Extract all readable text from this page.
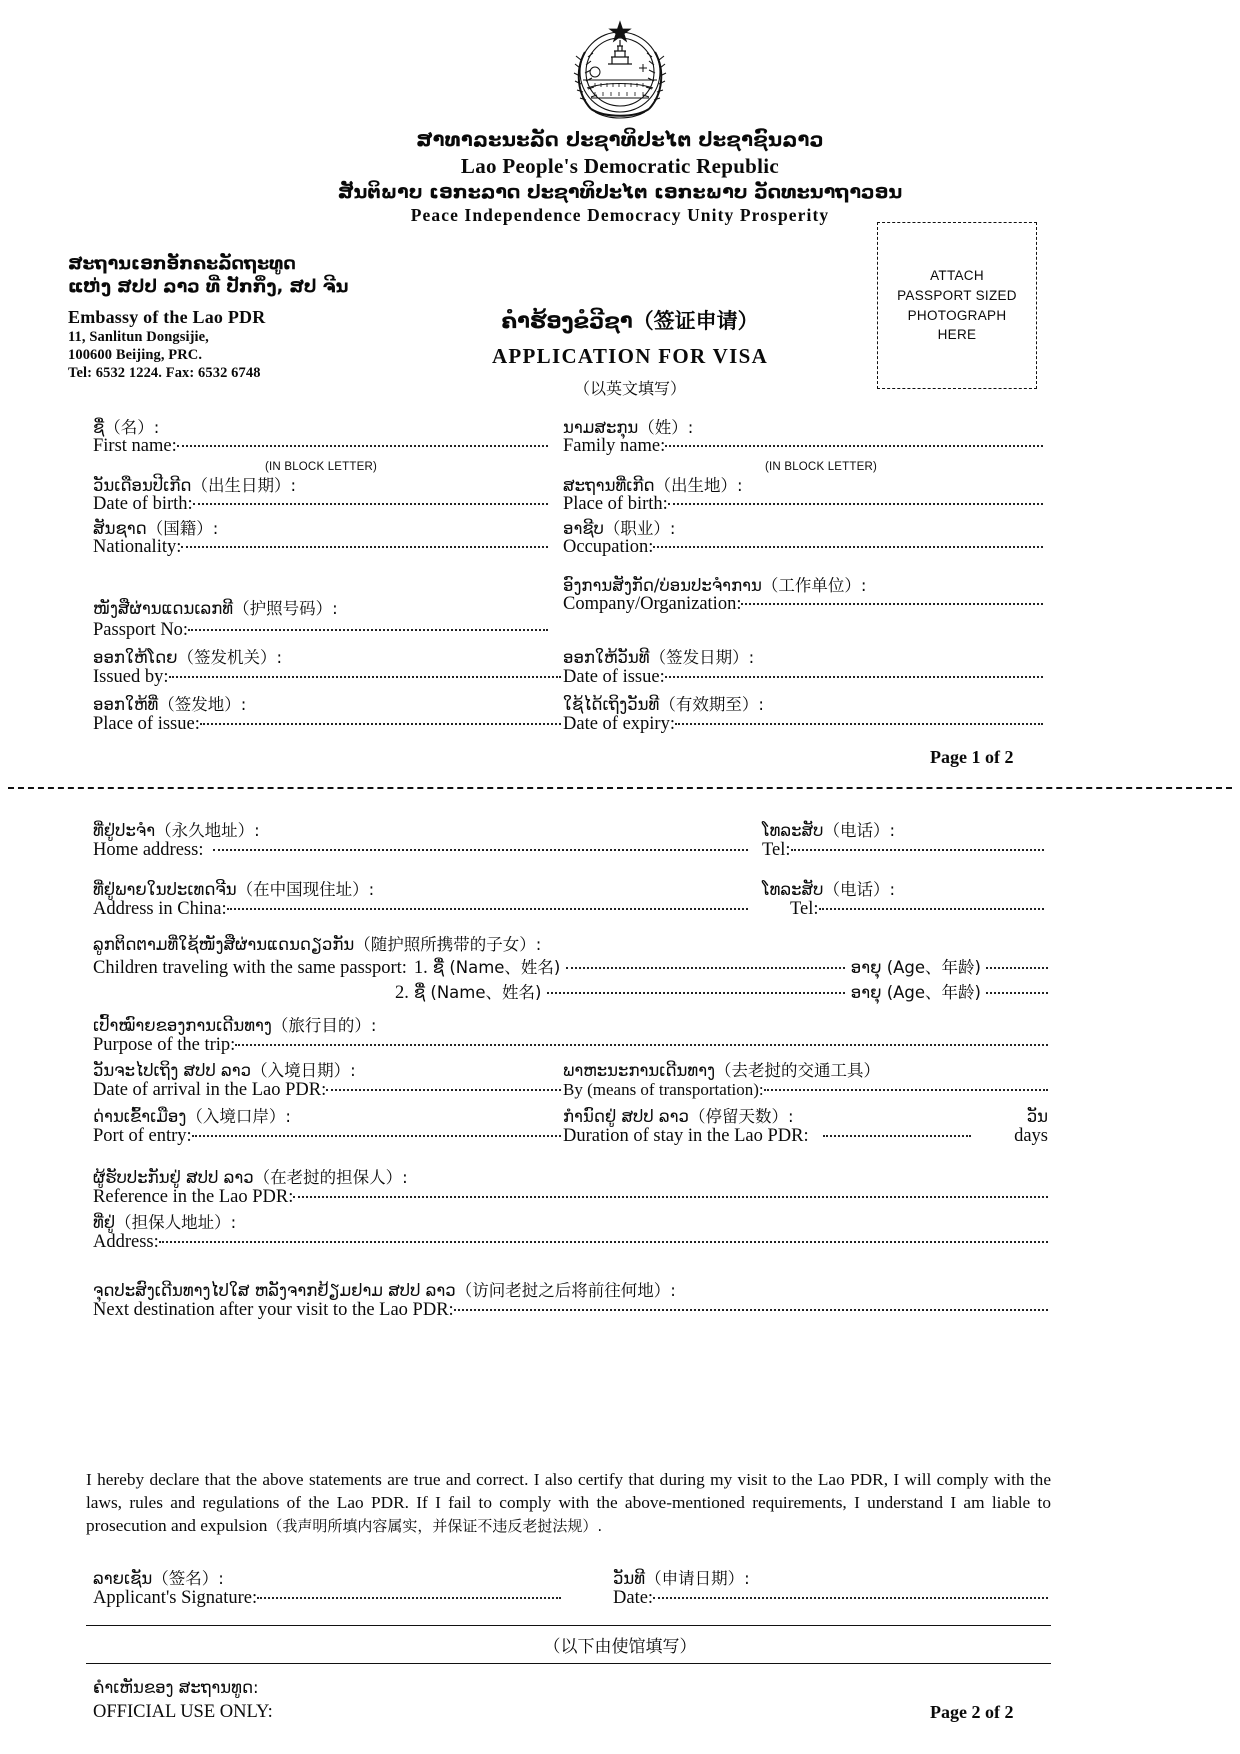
ສາທາລະນະລັດ ປະຊາທິປະໄຕ ປະຊາຊົນລາວ
Lao People's Democratic Republic
ສັນຕິພາບ ເອກະລາດ ປະຊາທິປະໄຕ ເອກະພາບ ວັດທະນາຖາວອນ
Peace Independence Democracy Unity Prosperity
ສະຖານເອກອັກຄະລັດຖະທູດ
ແຫ່ງ ສປປ ລາວ ທີ່ ປັກກິ່ງ, ສປ ຈີນ
Embassy of the Lao PDR
11, Sanlitun Dongsijie,
100600 Beijing, PRC.
Tel: 6532 1224. Fax: 6532 6748
ຄຳຮ້ອງຂໍວີຊາ（签证申请）
APPLICATION FOR VISA
（以英文填写）
ATTACH
PASSPORT SIZED
PHOTOGRAPH
HERE
ຊື່（名）:
First name:
(IN BLOCK LETTER)
ນາມສະກຸນ（姓）:
Family name:
(IN BLOCK LETTER)
ວັນເດືອນປີເກີດ（出生日期）:
Date of birth:
ສະຖານທີ່ເກີດ（出生地）:
Place of birth:
ສັນຊາດ（国籍）:
Nationality:
ອາຊີບ（职业）:
Occupation:
ອົງການສັງກັດ/ບ່ອນປະຈຳການ（工作单位）:
Company/Organization:
ໜັງສືຜ່ານແດນເລກທີ（护照号码）:
Passport No:
ອອກໃຫ້ໂດຍ（签发机关）:
Issued by:
ອອກໃຫ້ວັນທີ（签发日期）:
Date of issue:
ອອກໃຫ້ທີ່（签发地）:
Place of issue:
ໃຊ້ໄດ້ເຖິງວັນທີ（有效期至）:
Date of expiry:
Page 1 of 2
ທີ່ຢູ່ປະຈຳ（永久地址）:
Home address:
ໂທລະສັບ（电话）:
Tel:
ທີ່ຢູ່ພາຍໃນປະເທດຈີນ（在中国现住址）:
Address in China:
ໂທລະສັບ（电话）:
Tel:
ລູກຕິດຕາມທີ່ໃຊ້ໜັງສືຜ່ານແດນດຽວກັນ（随护照所携带的子女）:
Children traveling with the same passport: 1. ຊື່ (Name、姓名)	ອາຍຸ (Age、年龄)
2. ຊື່ (Name、姓名)	ອາຍຸ (Age、年龄)
ເປົ້າໝົາຍຂອງການເດີນທາງ（旅行目的）:
Purpose of the trip:
ວັນຈະໄປເຖິງ ສປປ ລາວ（入境日期）:
Date of arrival in the Lao PDR:
ພາຫະນະການເດີນທາງ（去老挝的交通工具）
By (means of transportation):
ດ່ານເຂົ້າເມືອງ（入境口岸）:
Port of entry:
ກຳນົດຢູ່ ສປປ ລາວ（停留天数）:	ວັນ
Duration of stay in the Lao PDR:	days
ຜູ້ຮັບປະກັນຢູ່ ສປປ ລາວ（在老挝的担保人）:
Reference in the Lao PDR:
ທີ່ຢູ່（担保人地址）:
Address:
ຈຸດປະສົງເດີນທາງໄປໃສ ຫລັງຈາກຢ້ຽມຢາມ ສປປ ລາວ（访问老挝之后将前往何地）:
Next destination after your visit to the Lao PDR:
I hereby declare that the above statements are true and correct. I also certify that during my visit to the Lao PDR, I will comply with the laws, rules and regulations of the Lao PDR. If I fail to comply with the above-mentioned requirements, I understand I am liable to prosecution and expulsion（我声明所填内容属实，并保证不违反老挝法规）.
ລາຍເຊັນ（签名）:
Applicant's Signature:
ວັນທີ（申请日期）:
Date:
（以下由使馆填写）
ຄຳເຫັນຂອງ ສະຖານທູດ:
OFFICIAL USE ONLY:	Page 2 of 2
